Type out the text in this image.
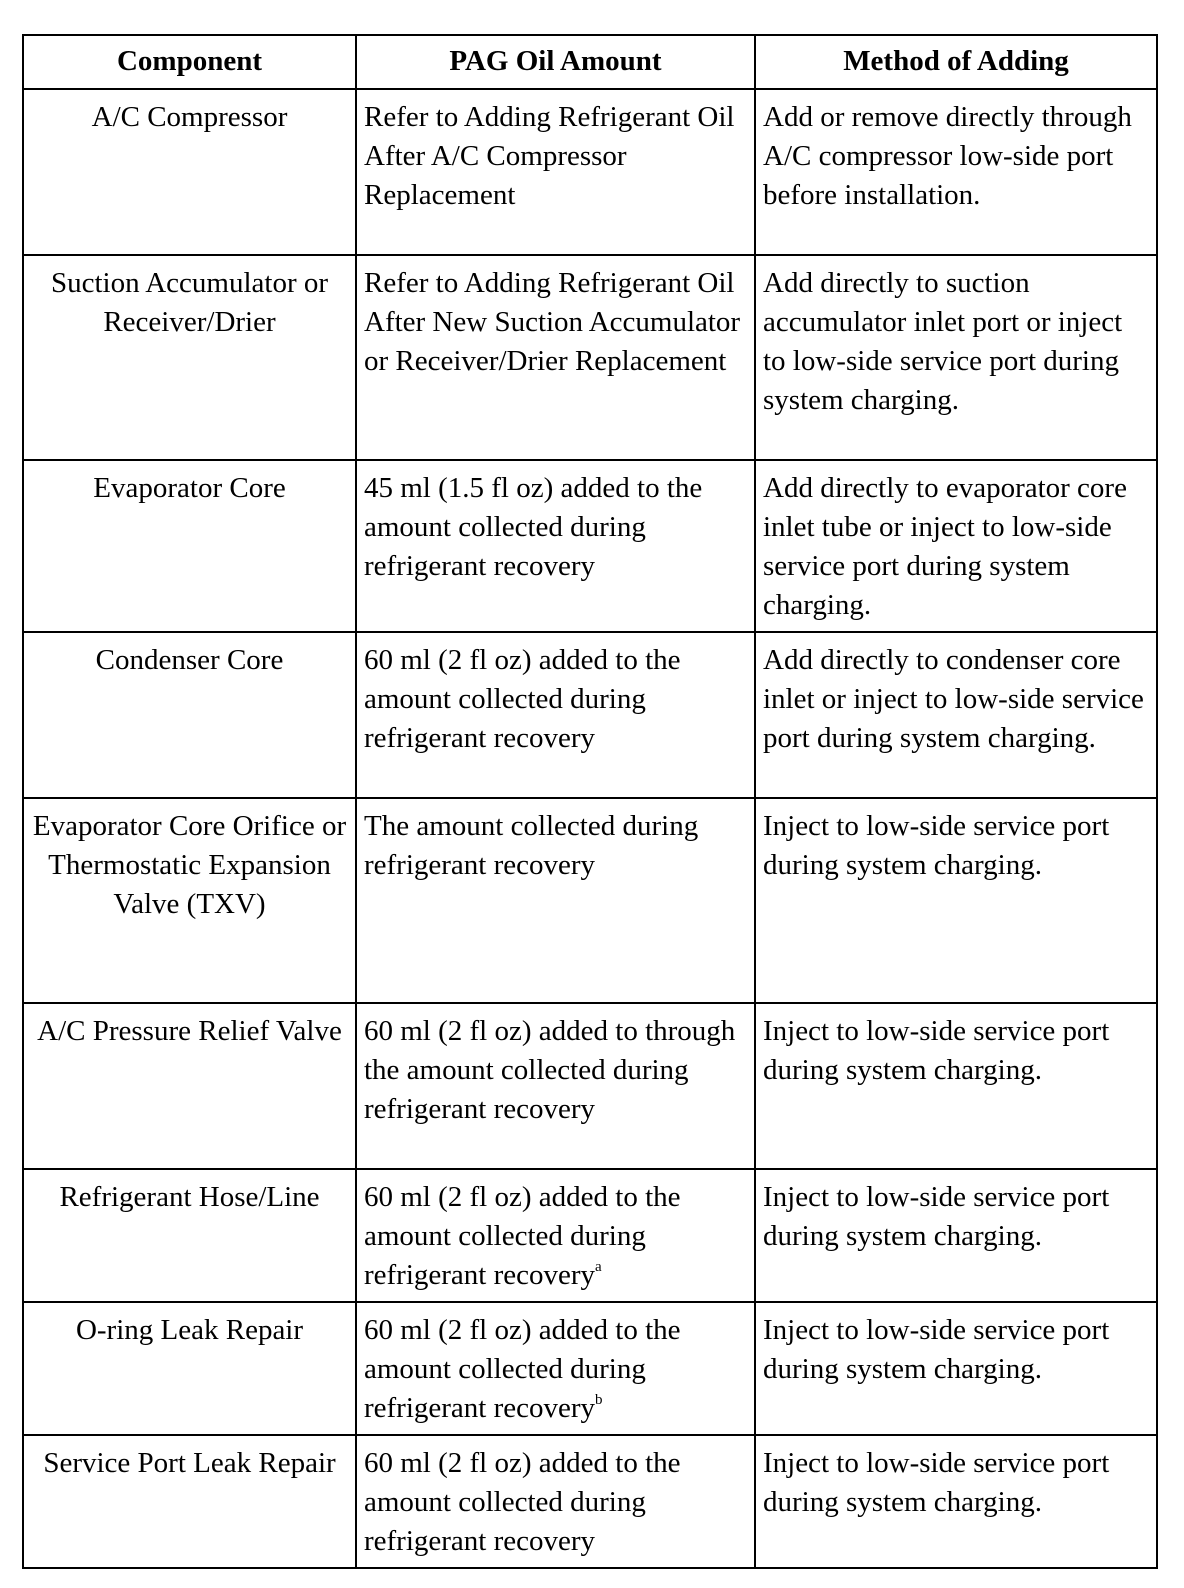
Component	PAG Oil Amount	Method of Adding
A/C Compressor	Refer to Adding Refrigerant Oil After A/C Compressor Replacement	Add or remove directly through A/C compressor low-side port before installation.
Suction Accumulator or Receiver/Drier	Refer to Adding Refrigerant Oil After New Suction Accumulator or Receiver/Drier Replacement	Add directly to suction accumulator inlet port or inject to low-side service port during system charging.
Evaporator Core	45 ml (1.5 fl oz) added to the amount collected during refrigerant recovery	Add directly to evaporator core inlet tube or inject to low-side service port during system charging.
Condenser Core	60 ml (2 fl oz) added to the amount collected during refrigerant recovery	Add directly to condenser core inlet or inject to low-side service port during system charging.
Evaporator Core Orifice or Thermostatic Expansion Valve (TXV)	The amount collected during refrigerant recovery	Inject to low-side service port during system charging.
A/C Pressure Relief Valve	60 ml (2 fl oz) added to through the amount collected during refrigerant recovery	Inject to low-side service port during system charging.
Refrigerant Hose/Line	60 ml (2 fl oz) added to the amount collected during refrigerant recovery$^a$	Inject to low-side service port during system charging.
O-ring Leak Repair	60 ml (2 fl oz) added to the amount collected during refrigerant recovery$^b$	Inject to low-side service port during system charging.
Service Port Leak Repair	60 ml (2 fl oz) added to the amount collected during refrigerant recovery	Inject to low-side service port during system charging.
